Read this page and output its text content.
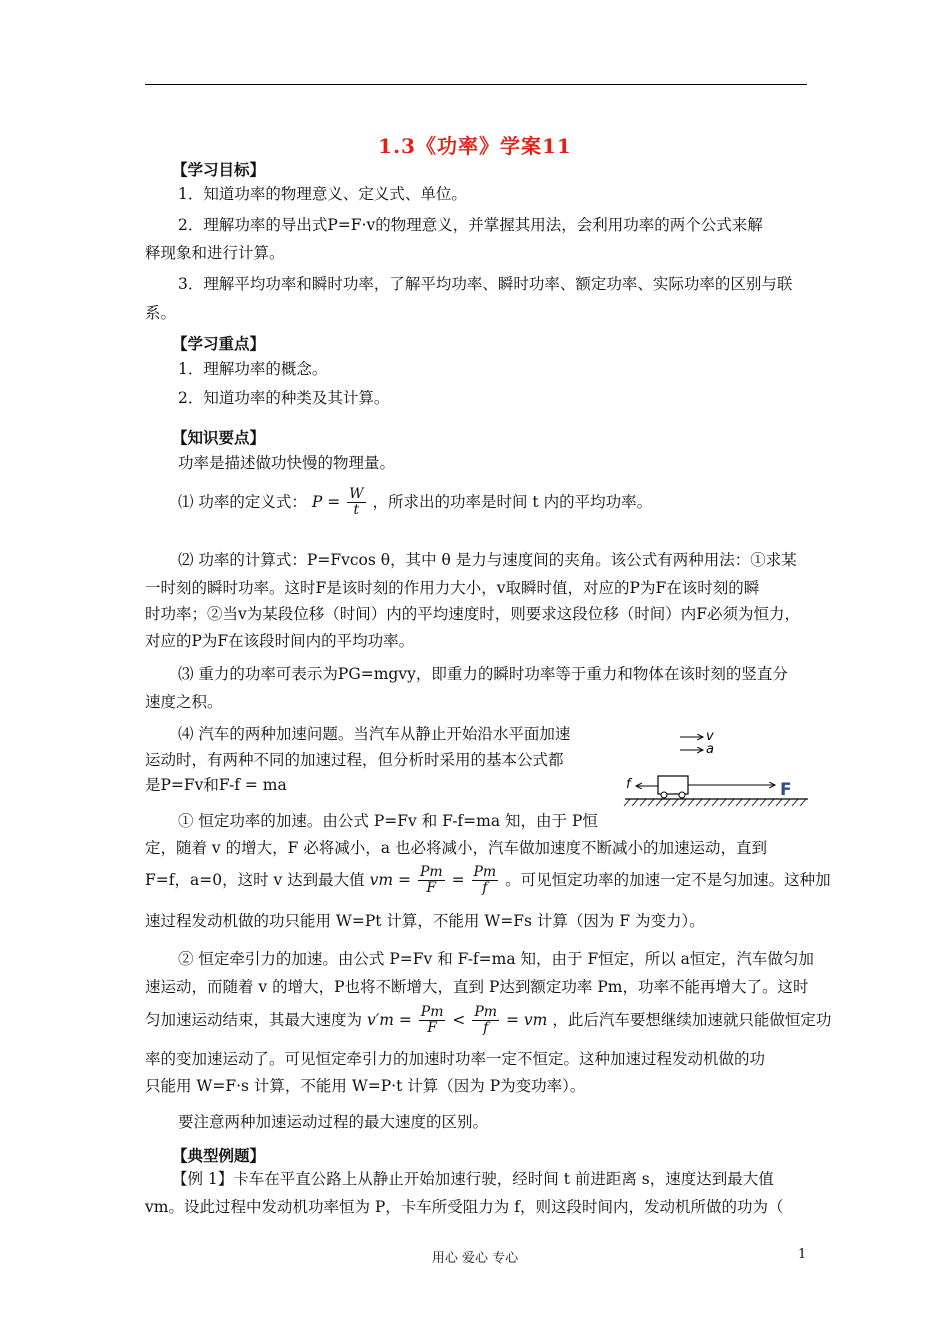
1.3《功率》学案11
【学习目标】
1．知道功率的物理意义、定义式、单位。
2．理解功率的导出式P=F·v的物理意义，并掌握其用法，会利用功率的两个公式来解
释现象和进行计算。
3．理解平均功率和瞬时功率，了解平均功率、瞬时功率、额定功率、实际功率的区别与联
系。
【学习重点】
1．理解功率的概念。
2．知道功率的种类及其计算。
【知识要点】
功率是描述做功快慢的物理量。
⑴ 功率的定义式： $P = \frac{W}{t}$ ，所求出的功率是时间 t 内的平均功率。
⑵ 功率的计算式：P=Fvcos θ，其中 θ 是力与速度间的夹角。该公式有两种用法：①求某
一时刻的瞬时功率。这时F是该时刻的作用力大小，v取瞬时值，对应的P为F在该时刻的瞬
时功率；②当v为某段位移（时间）内的平均速度时，则要求这段位移（时间）内F必须为恒力，
对应的P为F在该段时间内的平均功率。
⑶ 重力的功率可表示为PG=mgvy，即重力的瞬时功率等于重力和物体在该时刻的竖直分
速度之积。
⑷ 汽车的两种加速问题。当汽车从静止开始沿水平面加速
运动时，有两种不同的加速过程，但分析时采用的基本公式都
是P=Fv和F-f = ma
v
a
f	F
① 恒定功率的加速。由公式 P=Fv 和 F-f=ma 知，由于 P恒
定，随着 v 的增大，F 必将减小，a 也必将减小，汽车做加速度不断减小的加速运动，直到
F=f，a=0，这时 v 达到最大值 vm = $\frac{Pm}{F} = \frac{Pm}{f}$ 。可见恒定功率的加速一定不是匀加速。这种加
速过程发动机做的功只能用 W=Pt 计算，不能用 W=Fs 计算（因为 F 为变力）。
② 恒定牵引力的加速。由公式 P=Fv 和 F-f=ma 知，由于 F恒定，所以 a恒定，汽车做匀加
速运动，而随着 v 的增大，P也将不断增大，直到 P达到额定功率 Pm，功率不能再增大了。这时
匀加速运动结束，其最大速度为 $v'm = \frac{Pm}{F} < \frac{Pm}{f}$ = vm ，此后汽车要想继续加速就只能做恒定功
率的变加速运动了。可见恒定牵引力的加速时功率一定不恒定。这种加速过程发动机做的功
只能用 W=F·s 计算，不能用 W=P·t 计算（因为 P为变功率）。
要注意两种加速运动过程的最大速度的区别。
【典型例题】
【例 1】卡车在平直公路上从静止开始加速行驶，经时间 t 前进距离 s，速度达到最大值
vm。设此过程中发动机功率恒为 P，卡车所受阻力为 f，则这段时间内，发动机所做的功为（
用心 爱心 专心	1
